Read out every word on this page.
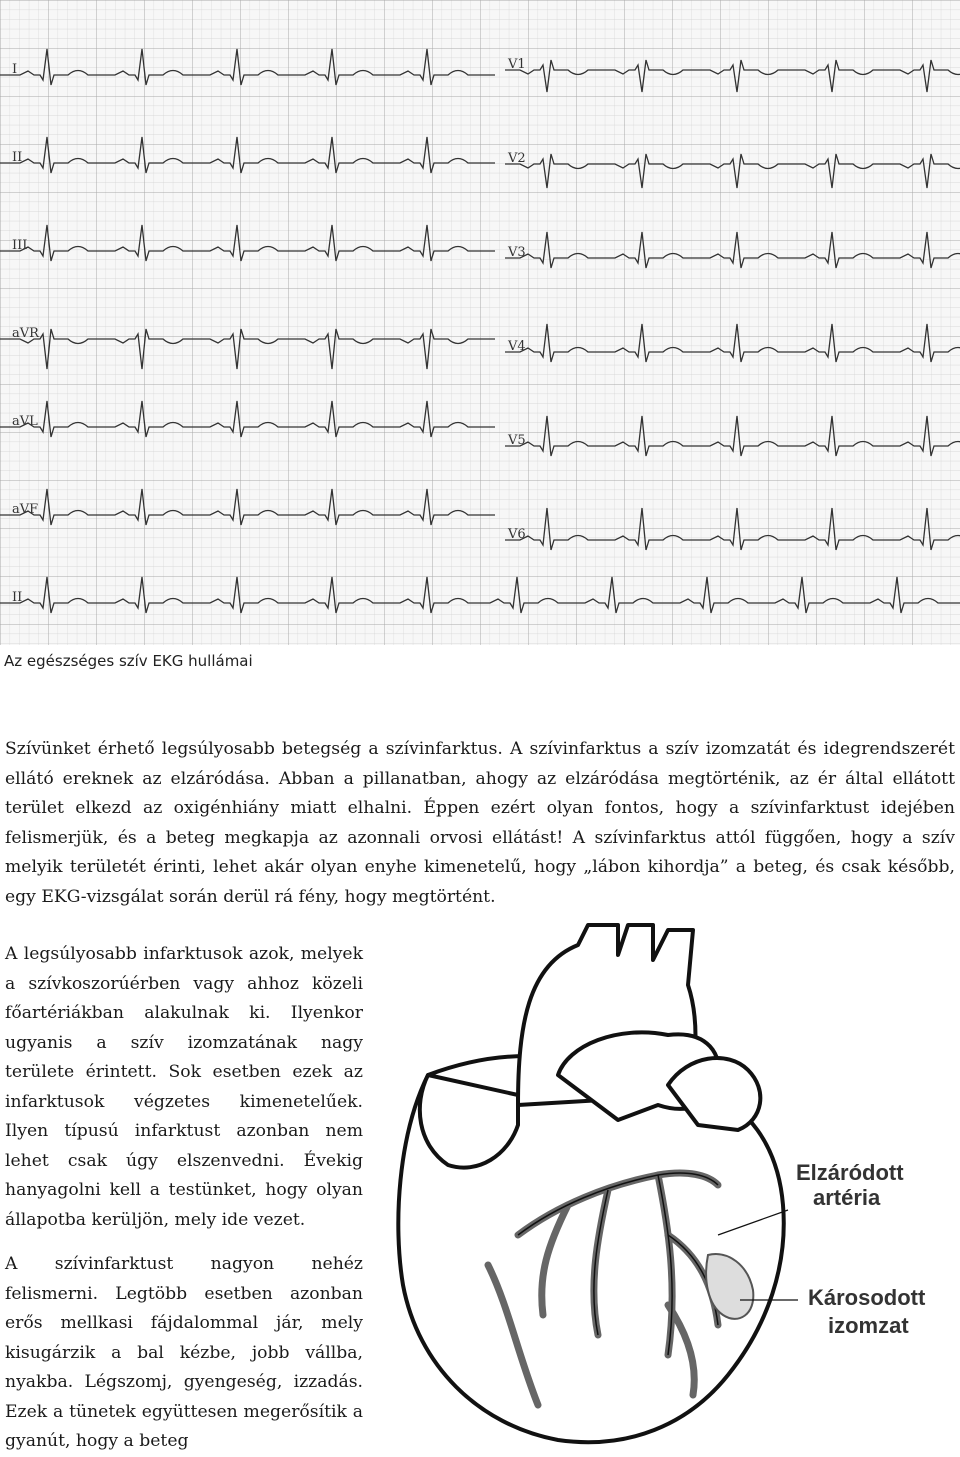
V1
I
V2
II
V3
III
V4
aVR
V5
aVL
V6
aVF
II
Az egészséges szív EKG hullámai

Szívünket érhető legsúlyosabb betegség a szívinfarktus. A szívinfarktus a szív izomzatát és idegrendszerét ellátó ereknek az elzáródása. Abban a pillanatban, ahogy az elzáródása megtörténik, az ér által ellátott terület elkezd az oxigénhiány miatt elhalni. Éppen ezért olyan fontos, hogy a szívinfarktust idejében felismerjük, és a beteg megkapja az azonnali orvosi ellátást! A szívinfarktus attól függően, hogy a szív melyik területét érinti, lehet akár olyan enyhe kimenetelű, hogy „lábon kihordja” a beteg, és csak később, egy EKG-vizsgálat során derül rá fény, hogy megtörtént.

A legsúlyosabb infarktusok azok, melyek a szívkoszorúérben vagy ahhoz közeli főartériákban alakulnak ki. Ilyenkor ugyanis a szív izomzatának nagy területe érintett. Sok esetben ezek az infarktusok végzetes kimenetelűek. Ilyen típusú infarktust azonban nem lehet csak úgy elszenvedni. Évekig hanyagolni kell a testünket, hogy olyan állapotba kerüljön, mely ide vezet.

A szívinfarktust nagyon nehéz felismerni. Legtöbb esetben azonban erős mellkasi fájdalommal jár, mely kisugárzik a bal kézbe, jobb vállba, nyakba. Légszomj, gyengeség, izzadás. Ezek a tünetek együttesen megerősítik a gyanút, hogy a beteg

Elzáródott
artéria
Károsodott
izomzat
